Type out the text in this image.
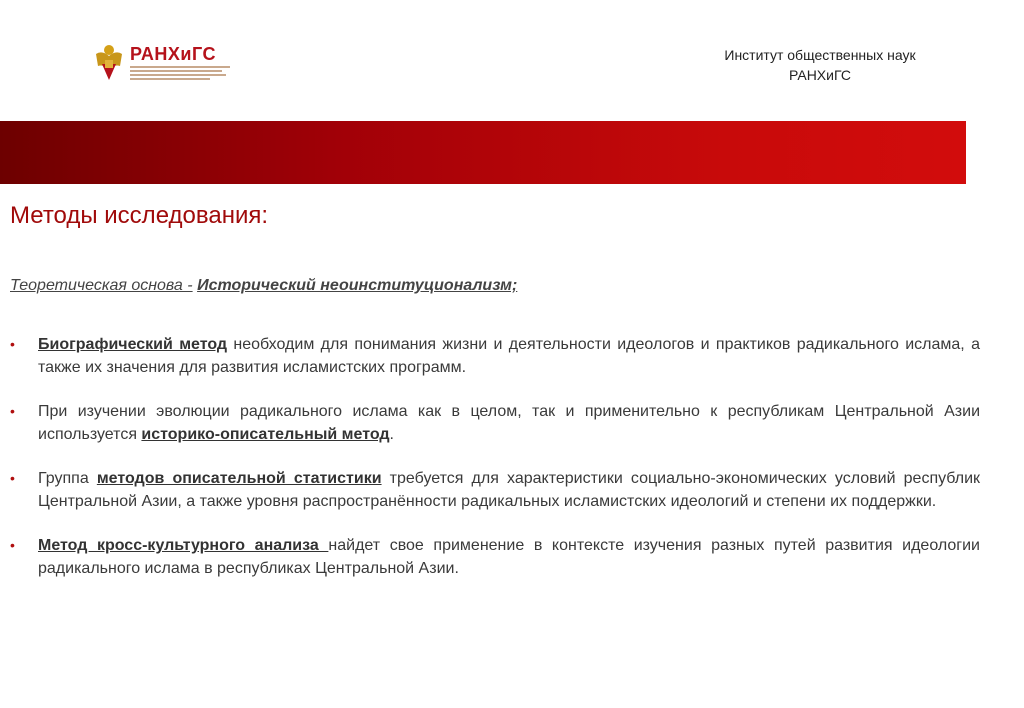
РАНХиГС	Институт общественных наук
РАНХиГС
Методы исследования:
Теоретическая основа - Исторический неоинституционализм;
• Биографический метод необходим для понимания жизни и деятельности идеологов и практиков радикального ислама, а также их значения для развития исламистских программ.
• При изучении эволюции радикального ислама как в целом, так и применительно к республикам Центральной Азии используется историко-описательный метод.
• Группа методов описательной статистики требуется для характеристики социально-экономических условий республик Центральной Азии, а также уровня распространённости радикальных исламистских идеологий и степени их поддержки.
• Метод кросс-культурного анализа найдет свое применение в контексте изучения разных путей развития идеологии радикального ислама в республиках Центральной Азии.
